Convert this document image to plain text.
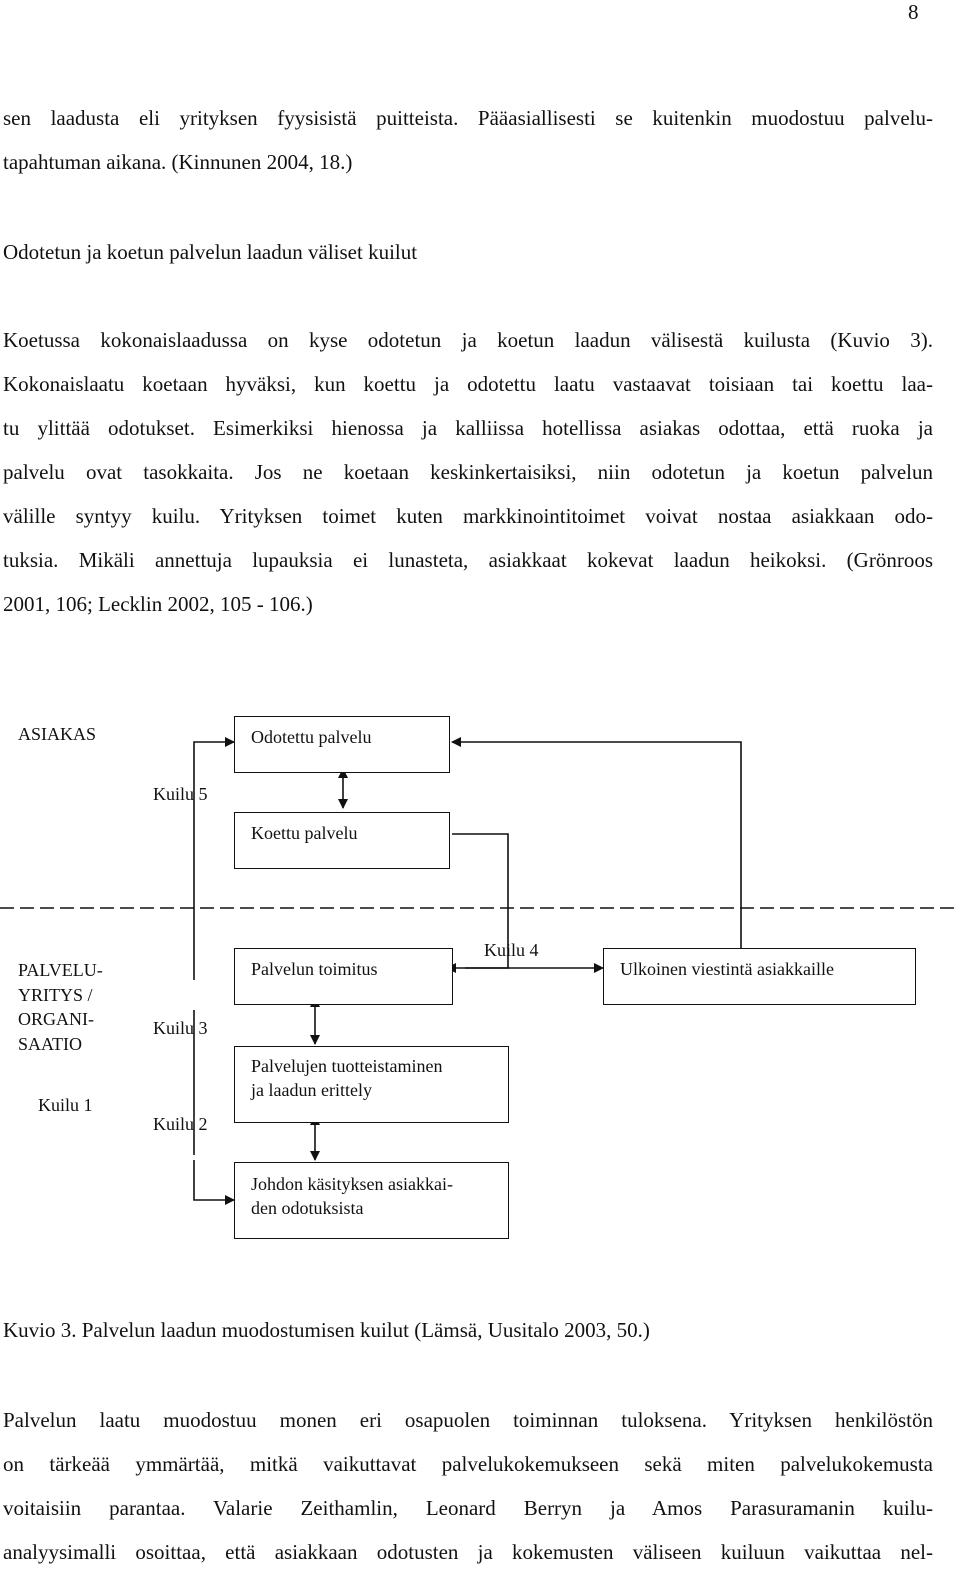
8

sen laadusta eli yrityksen fyysisistä puitteista. Pääasiallisesti se kuitenkin muodostuu palvelu-
tapahtuman aikana. (Kinnunen 2004, 18.)

Odotetun ja koetun palvelun laadun väliset kuilut

Koetussa kokonaislaadussa on kyse odotetun ja koetun laadun välisestä kuilusta (Kuvio 3).
Kokonaislaatu koetaan hyväksi, kun koettu ja odotettu laatu vastaavat toisiaan tai koettu laa-
tu ylittää odotukset. Esimerkiksi hienossa ja kalliissa hotellissa asiakas odottaa, että ruoka ja
palvelu ovat tasokkaita. Jos ne koetaan keskinkertaisiksi, niin odotetun ja koetun palvelun
välille syntyy kuilu. Yrityksen toimet kuten markkinointitoimet voivat nostaa asiakkaan odo-
tuksia. Mikäli annettuja lupauksia ei lunasteta, asiakkaat kokevat laadun heikoksi. (Grönroos
2001, 106; Lecklin 2002, 105 - 106.)

ASIAKAS	Odotettu palvelu
Kuilu 5
Koettu palvelu
PALVELU-
YRITYS /
ORGANI-
SAATIO
Kuilu 1
Kuilu 3
Kuilu 2
Kuilu 4
Palvelun toimitus	Ulkoinen viestintä asiakkaille
Palvelujen tuotteistaminen
ja laadun erittely
Johdon käsityksen asiakkai-
den odotuksista
Kuvio 3. Palvelun laadun muodostumisen kuilut (Lämsä, Uusitalo 2003, 50.)

Palvelun laatu muodostuu monen eri osapuolen toiminnan tuloksena. Yrityksen henkilöstön
on tärkeää ymmärtää, mitkä vaikuttavat palvelukokemukseen sekä miten palvelukokemusta
voitaisiin parantaa. Valarie Zeithamlin, Leonard Berryn ja Amos Parasuramanin kuilu-
analyysimalli osoittaa, että asiakkaan odotusten ja kokemusten väliseen kuiluun vaikuttaa nel-
